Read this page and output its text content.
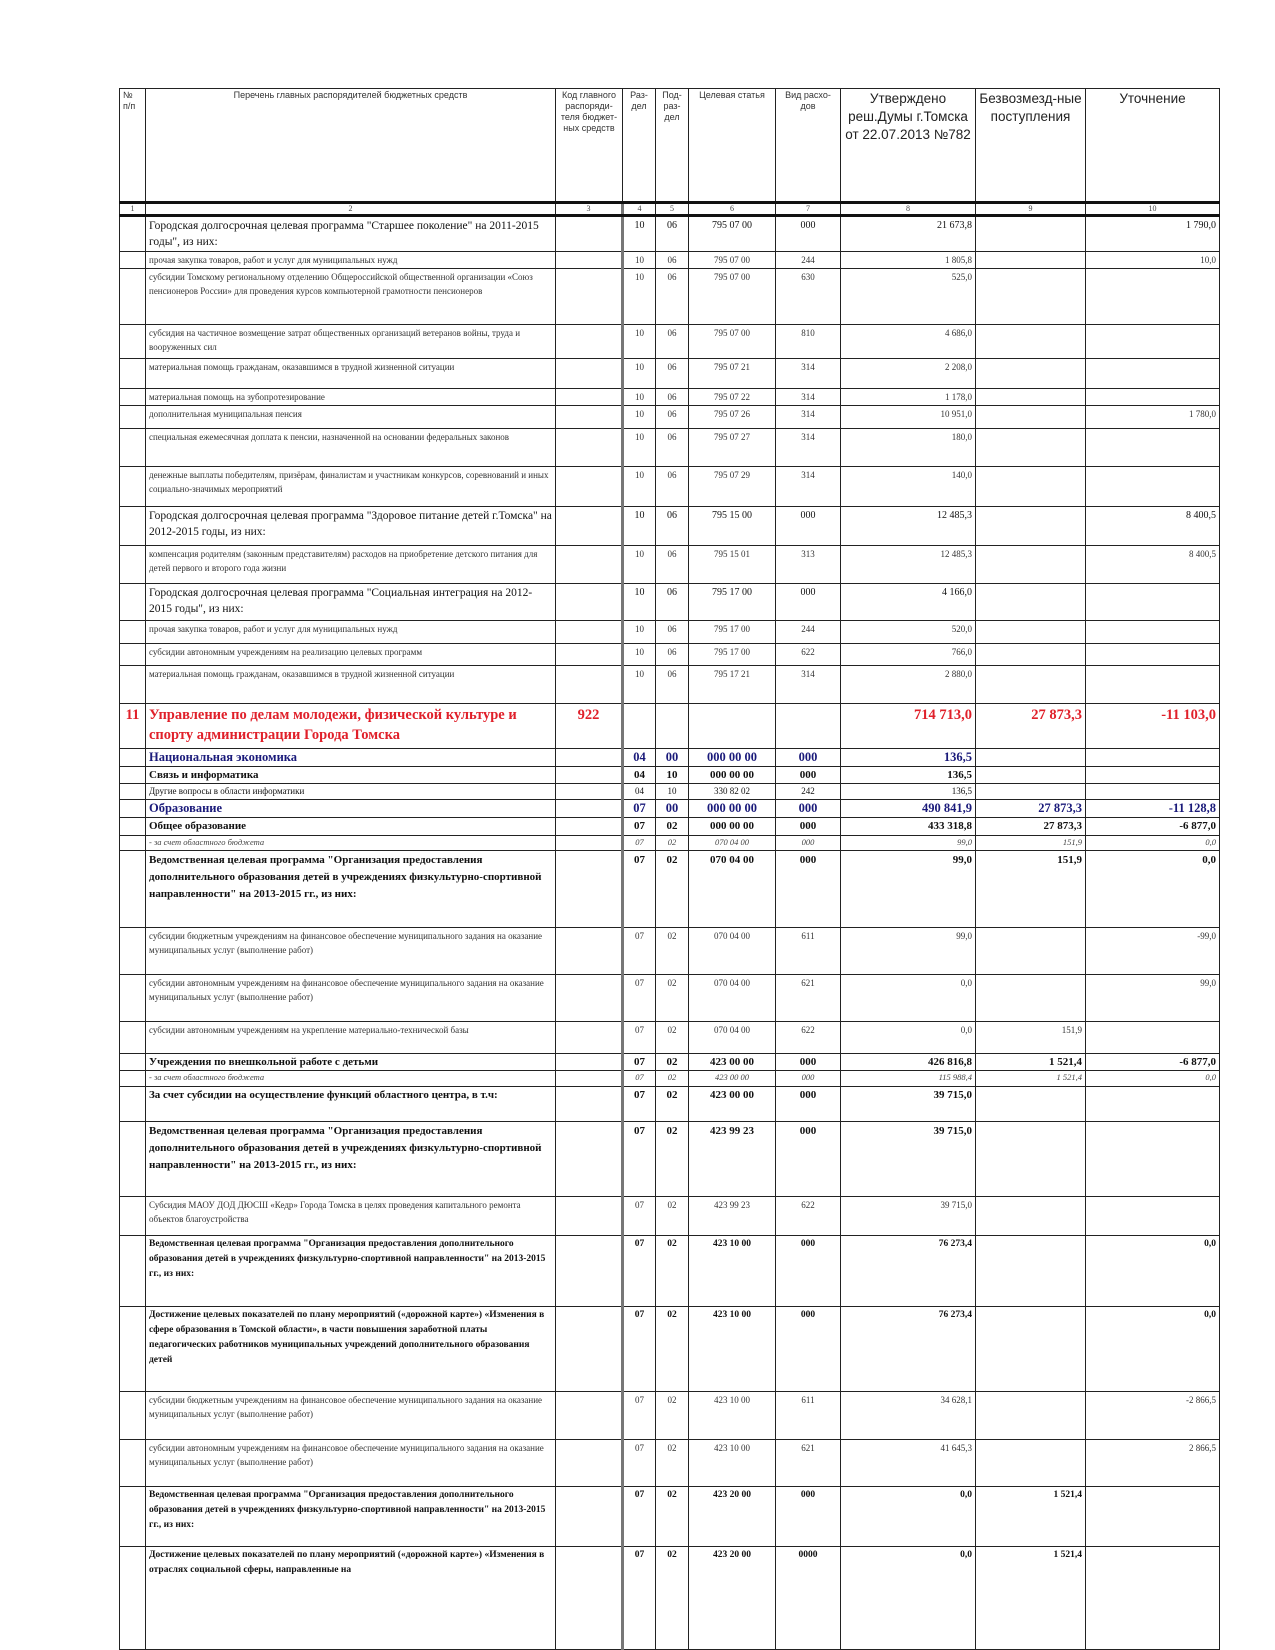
№ п/п	Перечень главных распорядителей бюджетных средств	Код главного распоряди-теля бюджет-ных средств	Раз-дел	Под-раз-дел	Целевая статья	Вид расхо-дов	Утверждено реш.Думы г.Томска от 22.07.2013 №782	Безвозмезд-ные поступления	Уточнение
1	2	3	4	5	6	7	8	9	10
	Городская долгосрочная целевая программа "Старшее поколение" на 2011-2015 годы", из них:		10	06	795 07 00	000	21 673,8		1 790,0
	прочая закупка товаров, работ и услуг для муниципальных нужд		10	06	795 07 00	244	1 805,8		10,0
	субсидии Томскому региональному отделению Общероссийской общественной организации «Союз пенсионеров России» для проведения курсов компьютерной грамотности пенсионеров		10	06	795 07 00	630	525,0		
	субсидия на частичное возмещение затрат общественных организаций ветеранов войны, труда и вооруженных сил		10	06	795 07 00	810	4 686,0		
	материальная помощь гражданам, оказавшимся в трудной жизненной ситуации		10	06	795 07 21	314	2 208,0		
	материальная помощь на зубопротезирование		10	06	795 07 22	314	1 178,0		
	дополнительная муниципальная пенсия		10	06	795 07 26	314	10 951,0		1 780,0
	специальная ежемесячная доплата к пенсии, назначенной на основании федеральных законов		10	06	795 07 27	314	180,0		
	денежные выплаты победителям, призёрам, финалистам и участникам конкурсов, соревнований и иных социально-значимых мероприятий		10	06	795 07 29	314	140,0		
	Городская долгосрочная целевая программа "Здоровое питание детей г.Томска" на 2012-2015 годы, из них:		10	06	795 15 00	000	12 485,3		8 400,5
	компенсация родителям (законным представителям) расходов на приобретение детского питания для детей первого и второго года жизни		10	06	795 15 01	313	12 485,3		8 400,5
	Городская долгосрочная целевая программа "Социальная интеграция на 2012-2015 годы", из них:		10	06	795 17 00	000	4 166,0		
	прочая закупка товаров, работ и услуг для муниципальных нужд		10	06	795 17 00	244	520,0		
	субсидии автономным учреждениям на реализацию целевых программ		10	06	795 17 00	622	766,0		
	материальная помощь гражданам, оказавшимся в трудной жизненной ситуации		10	06	795 17 21	314	2 880,0		
11	Управление по делам молодежи, физической культуре и спорту администрации Города Томска	922					714 713,0	27 873,3	-11 103,0
	Национальная экономика		04	00	000 00 00	000	136,5		
	Связь и информатика		04	10	000 00 00	000	136,5		
	Другие вопросы в области информатики		04	10	330 82 02	242	136,5		
	Образование		07	00	000 00 00	000	490 841,9	27 873,3	-11 128,8
	Общее образование		07	02	000 00 00	000	433 318,8	27 873,3	-6 877,0
	- за счет областного бюджета		07	02	070 04 00	000	99,0	151,9	0,0
	Ведомственная целевая программа "Организация предоставления дополнительного образования детей в учреждениях физкультурно-спортивной направленности" на 2013-2015 гг., из них:		07	02	070 04 00	000	99,0	151,9	0,0
	субсидии бюджетным учреждениям на финансовое обеспечение муниципального задания на оказание муниципальных услуг (выполнение работ)		07	02	070 04 00	611	99,0		-99,0
	субсидии автономным учреждениям на финансовое обеспечение муниципального задания на оказание муниципальных услуг (выполнение работ)		07	02	070 04 00	621	0,0		99,0
	субсидии автономным учреждениям на укрепление материально-технической базы		07	02	070 04 00	622	0,0	151,9	
	Учреждения по внешкольной работе с детьми		07	02	423 00 00	000	426 816,8	1 521,4	-6 877,0
	- за счет областного бюджета		07	02	423 00 00	000	115 988,4	1 521,4	0,0
	За счет субсидии на осуществление функций областного центра, в т.ч:		07	02	423 00 00	000	39 715,0		
	Ведомственная целевая программа "Организация предоставления дополнительного образования детей в учреждениях физкультурно-спортивной направленности" на 2013-2015 гг., из них:		07	02	423 99 23	000	39 715,0		
	Субсидия МАОУ ДОД ДЮСШ «Кедр» Города Томска в целях проведения капитального ремонта объектов благоустройства		07	02	423 99 23	622	39 715,0		
	Ведомственная целевая программа "Организация предоставления дополнительного образования детей в учреждениях физкультурно-спортивной направленности" на 2013-2015 гг., из них:		07	02	423 10 00	000	76 273,4		0,0
	Достижение целевых показателей по плану мероприятий («дорожной карте») «Изменения в сфере образования в Томской области», в части повышения заработной платы педагогических работников муниципальных учреждений дополнительного образования детей		07	02	423 10 00	000	76 273,4		0,0
	субсидии бюджетным учреждениям на финансовое обеспечение муниципального задания на оказание муниципальных услуг (выполнение работ)		07	02	423 10 00	611	34 628,1		-2 866,5
	субсидии автономным учреждениям на финансовое обеспечение муниципального задания на оказание муниципальных услуг (выполнение работ)		07	02	423 10 00	621	41 645,3		2 866,5
	Ведомственная целевая программа "Организация предоставления дополнительного образования детей в учреждениях физкультурно-спортивной направленности" на 2013-2015 гг., из них:		07	02	423 20 00	000	0,0	1 521,4	
	Достижение целевых показателей по плану мероприятий («дорожной карте») «Изменения в отраслях социальной сферы, направленные на		07	02	423 20 00	0000	0,0	1 521,4	
